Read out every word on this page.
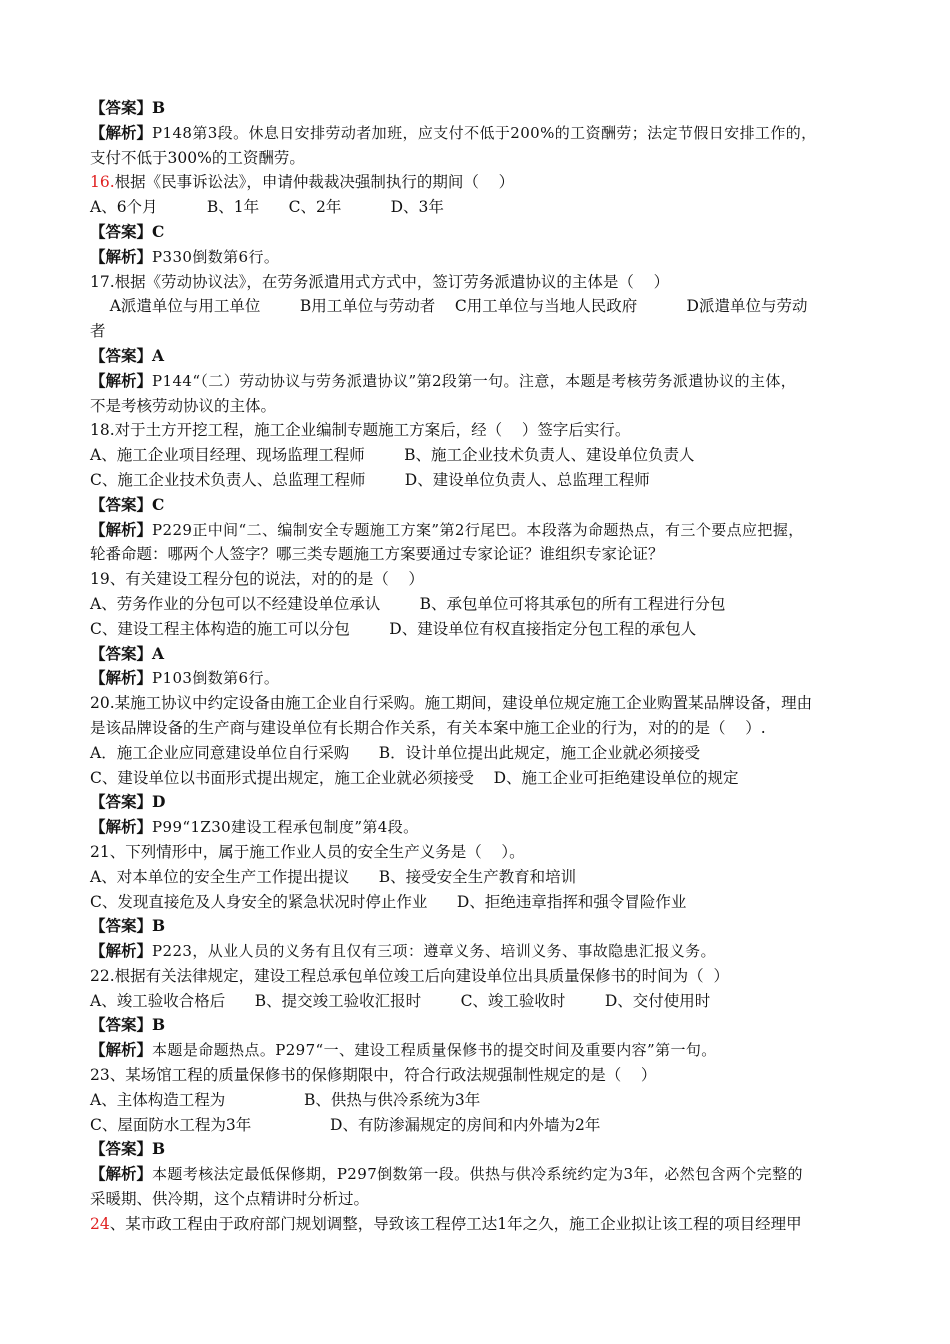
【答案】B
【解析】P148第3段。休息日安排劳动者加班，应支付不低于200%的工资酬劳；法定节假日安排工作的，
支付不低于300%的工资酬劳。
16.根据《民事诉讼法》，申请仲裁裁决强制执行的期间（    ）
A、6个月          B、1年      C、2年          D、3年
【答案】C
【解析】P330倒数第6行。
17.根据《劳动协议法》，在劳务派遣用式方式中，签订劳务派遣协议的主体是（    ）
A派遣单位与用工单位        B用工单位与劳动者    C用工单位与当地人民政府          D派遣单位与劳动
者
【答案】A
【解析】P144“（二）劳动协议与劳务派遣协议”第2段第一句。注意，本题是考核劳务派遣协议的主体，
不是考核劳动协议的主体。
18.对于土方开挖工程，施工企业编制专题施工方案后，经（    ）签字后实行。
A、施工企业项目经理、现场监理工程师        B、施工企业技术负责人、建设单位负责人
C、施工企业技术负责人、总监理工程师        D、建设单位负责人、总监理工程师
【答案】C
【解析】P229正中间“二、编制安全专题施工方案”第2行尾巴。本段落为命题热点，有三个要点应把握，
轮番命题：哪两个人签字？哪三类专题施工方案要通过专家论证？谁组织专家论证？
19、有关建设工程分包的说法，对的的是（    ）
A、劳务作业的分包可以不经建设单位承认        B、承包单位可将其承包的所有工程进行分包
C、建设工程主体构造的施工可以分包        D、建设单位有权直接指定分包工程的承包人
【答案】A
【解析】P103倒数第6行。
20.某施工协议中约定设备由施工企业自行采购。施工期间，建设单位规定施工企业购置某品牌设备，理由
是该品牌设备的生产商与建设单位有长期合作关系，有关本案中施工企业的行为，对的的是（    ）.
A．施工企业应同意建设单位自行采购      B．设计单位提出此规定，施工企业就必须接受
C、建设单位以书面形式提出规定，施工企业就必须接受    D、施工企业可拒绝建设单位的规定
【答案】D
【解析】P99“1Z30建设工程承包制度”第4段。
21、下列情形中，属于施工作业人员的安全生产义务是（    ）。
A、对本单位的安全生产工作提出提议      B、接受安全生产教育和培训
C、发现直接危及人身安全的紧急状况时停止作业      D、拒绝违章指挥和强令冒险作业
【答案】B
【解析】P223，从业人员的义务有且仅有三项：遵章义务、培训义务、事故隐患汇报义务。
22.根据有关法律规定，建设工程总承包单位竣工后向建设单位出具质量保修书的时间为（  ）
A、竣工验收合格后      B、提交竣工验收汇报时        C、竣工验收时        D、交付使用时
【答案】B
【解析】本题是命题热点。P297“一、建设工程质量保修书的提交时间及重要内容”第一句。
23、某场馆工程的质量保修书的保修期限中，符合行政法规强制性规定的是（    ）
A、主体构造工程为                B、供热与供冷系统为3年
C、屋面防水工程为3年                D、有防渗漏规定的房间和内外墙为2年
【答案】B
【解析】本题考核法定最低保修期，P297倒数第一段。供热与供冷系统约定为3年，必然包含两个完整的
采暖期、供冷期，这个点精讲时分析过。
24、某市政工程由于政府部门规划调整，导致该工程停工达1年之久，施工企业拟让该工程的项目经理甲
